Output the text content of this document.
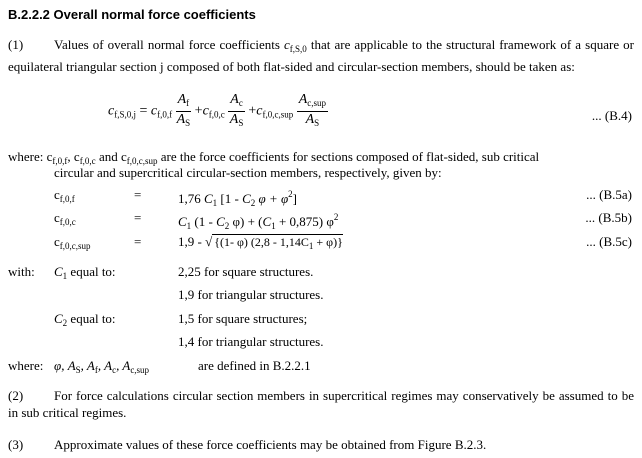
B.2.2.2 Overall normal force coefficients
(1) Values of overall normal force coefficients $c_{f,S,0}$ that are applicable to the structural framework of a square or equilateral triangular section j composed of both flat-sided and circular-section members, should be taken as:
$c_{f,S,0,j} = c_{f,0,f} \frac{A_f}{A_S} +c_{f,0,c} \frac{A_c}{A_S} +c_{f,0,c,sup} \frac{A_{c,sup}}{A_S}$	... (B.4)
where: $c_{f,0,f}$, $c_{f,0,c}$ and $c_{f,0,c,sup}$ are the force coefficients for sections composed of flat-sided, sub critical
circular and supercritical circular-section members, respectively, given by:
$c_{f,0,f}$	=	1,76 $C_1$ [$1 - C_2$ $\varphi + \varphi^2$]	... (B.5a)
$c_{f,0,c}$	=	$C_1$ ($1 - C_2$ $\varphi) + (C_1 + 0,875)$ $\varphi^2$	... (B.5b)
$c_{f,0,c,sup}$	=	1,9 - √ {(1- φ) $(2,8 - 1,14C_1 + \varphi)$}	... (B.5c)
with: $C_1$ equal to:	2,25 for square structures.
1,9 for triangular structures.
$C_2$ equal to:	1,5 for square structures;
1,4 for triangular structures.
where: φ, $A_S$, $A_f$, $A_c$, $A_{c,sup}$	are defined in B.2.2.1
(2) For force calculations circular section members in supercritical regimes may conservatively be assumed to be in sub critical regimes.
(3) Approximate values of these force coefficients may be obtained from Figure B.2.3.
